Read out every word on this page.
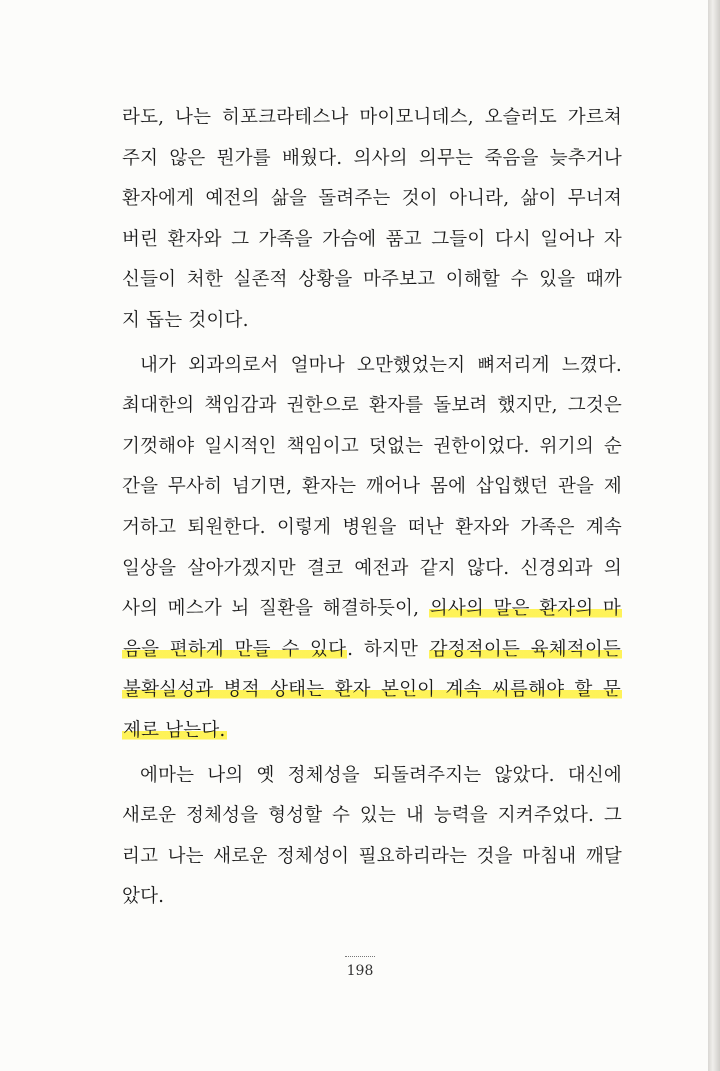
라도, 나는 히포크라테스나 마이모니데스, 오슬러도 가르쳐
주지 않은 뭔가를 배웠다. 의사의 의무는 죽음을 늦추거나
환자에게 예전의 삶을 돌려주는 것이 아니라, 삶이 무너져
버린 환자와 그 가족을 가슴에 품고 그들이 다시 일어나 자
신들이 처한 실존적 상황을 마주보고 이해할 수 있을 때까
지 돕는 것이다.
내가 외과의로서 얼마나 오만했었는지 뼈저리게 느꼈다.
최대한의 책임감과 권한으로 환자를 돌보려 했지만, 그것은
기껏해야 일시적인 책임이고 덧없는 권한이었다. 위기의 순
간을 무사히 넘기면, 환자는 깨어나 몸에 삽입했던 관을 제
거하고 퇴원한다. 이렇게 병원을 떠난 환자와 가족은 계속
일상을 살아가겠지만 결코 예전과 같지 않다. 신경외과 의
사의 메스가 뇌 질환을 해결하듯이, 의사의 말은 환자의 마
음을 편하게 만들 수 있다. 하지만 감정적이든 육체적이든
불확실성과 병적 상태는 환자 본인이 계속 씨름해야 할 문
제로 남는다.
에마는 나의 옛 정체성을 되돌려주지는 않았다. 대신에
새로운 정체성을 형성할 수 있는 내 능력을 지켜주었다. 그
리고 나는 새로운 정체성이 필요하리라는 것을 마침내 깨달
았다.
198
